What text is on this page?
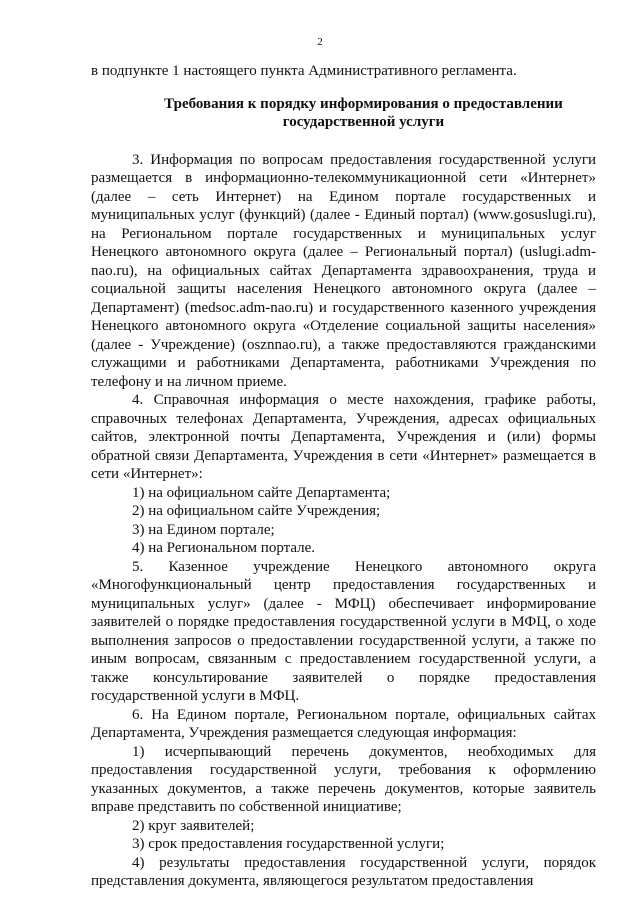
2

в подпункте 1 настоящего пункта Административного регламента.

Требования к порядку информирования о предоставлении государственной услуги

3. Информация по вопросам предоставления государственной услуги размещается в информационно-телекоммуникационной сети «Интернет» (далее – сеть Интернет) на Едином портале государственных и муниципальных услуг (функций) (далее - Единый портал) (www.gosuslugi.ru), на Региональном портале государственных и муниципальных услуг Ненецкого автономного округа (далее – Региональный портал) (uslugi.adm-nao.ru), на официальных сайтах Департамента здравоохранения, труда и социальной защиты населения Ненецкого автономного округа (далее – Департамент) (medsoc.adm-nao.ru) и государственного казенного учреждения Ненецкого автономного округа «Отделение социальной защиты населения» (далее - Учреждение) (osznnao.ru), а также предоставляются гражданскими служащими и работниками Департамента, работниками Учреждения по телефону и на личном приеме.

4. Справочная информация о месте нахождения, графике работы, справочных телефонах Департамента, Учреждения, адресах официальных сайтов, электронной почты Департамента, Учреждения и (или) формы обратной связи Департамента, Учреждения в сети «Интернет» размещается в сети «Интернет»:

1) на официальном сайте Департамента;

2) на официальном сайте Учреждения;

3) на Едином портале;

4) на Региональном портале.

5. Казенное учреждение Ненецкого автономного округа «Многофункциональный центр предоставления государственных и муниципальных услуг» (далее - МФЦ) обеспечивает информирование заявителей о порядке предоставления государственной услуги в МФЦ, о ходе выполнения запросов о предоставлении государственной услуги, а также по иным вопросам, связанным с предоставлением государственной услуги, а также консультирование заявителей о порядке предоставления государственной услуги в МФЦ.

6. На Едином портале, Региональном портале, официальных сайтах Департамента, Учреждения размещается следующая информация:

1) исчерпывающий перечень документов, необходимых для предоставления государственной услуги, требования к оформлению указанных документов, а также перечень документов, которые заявитель вправе представить по собственной инициативе;

2) круг заявителей;

3) срок предоставления государственной услуги;

4) результаты предоставления государственной услуги, порядок представления документа, являющегося результатом предоставления
